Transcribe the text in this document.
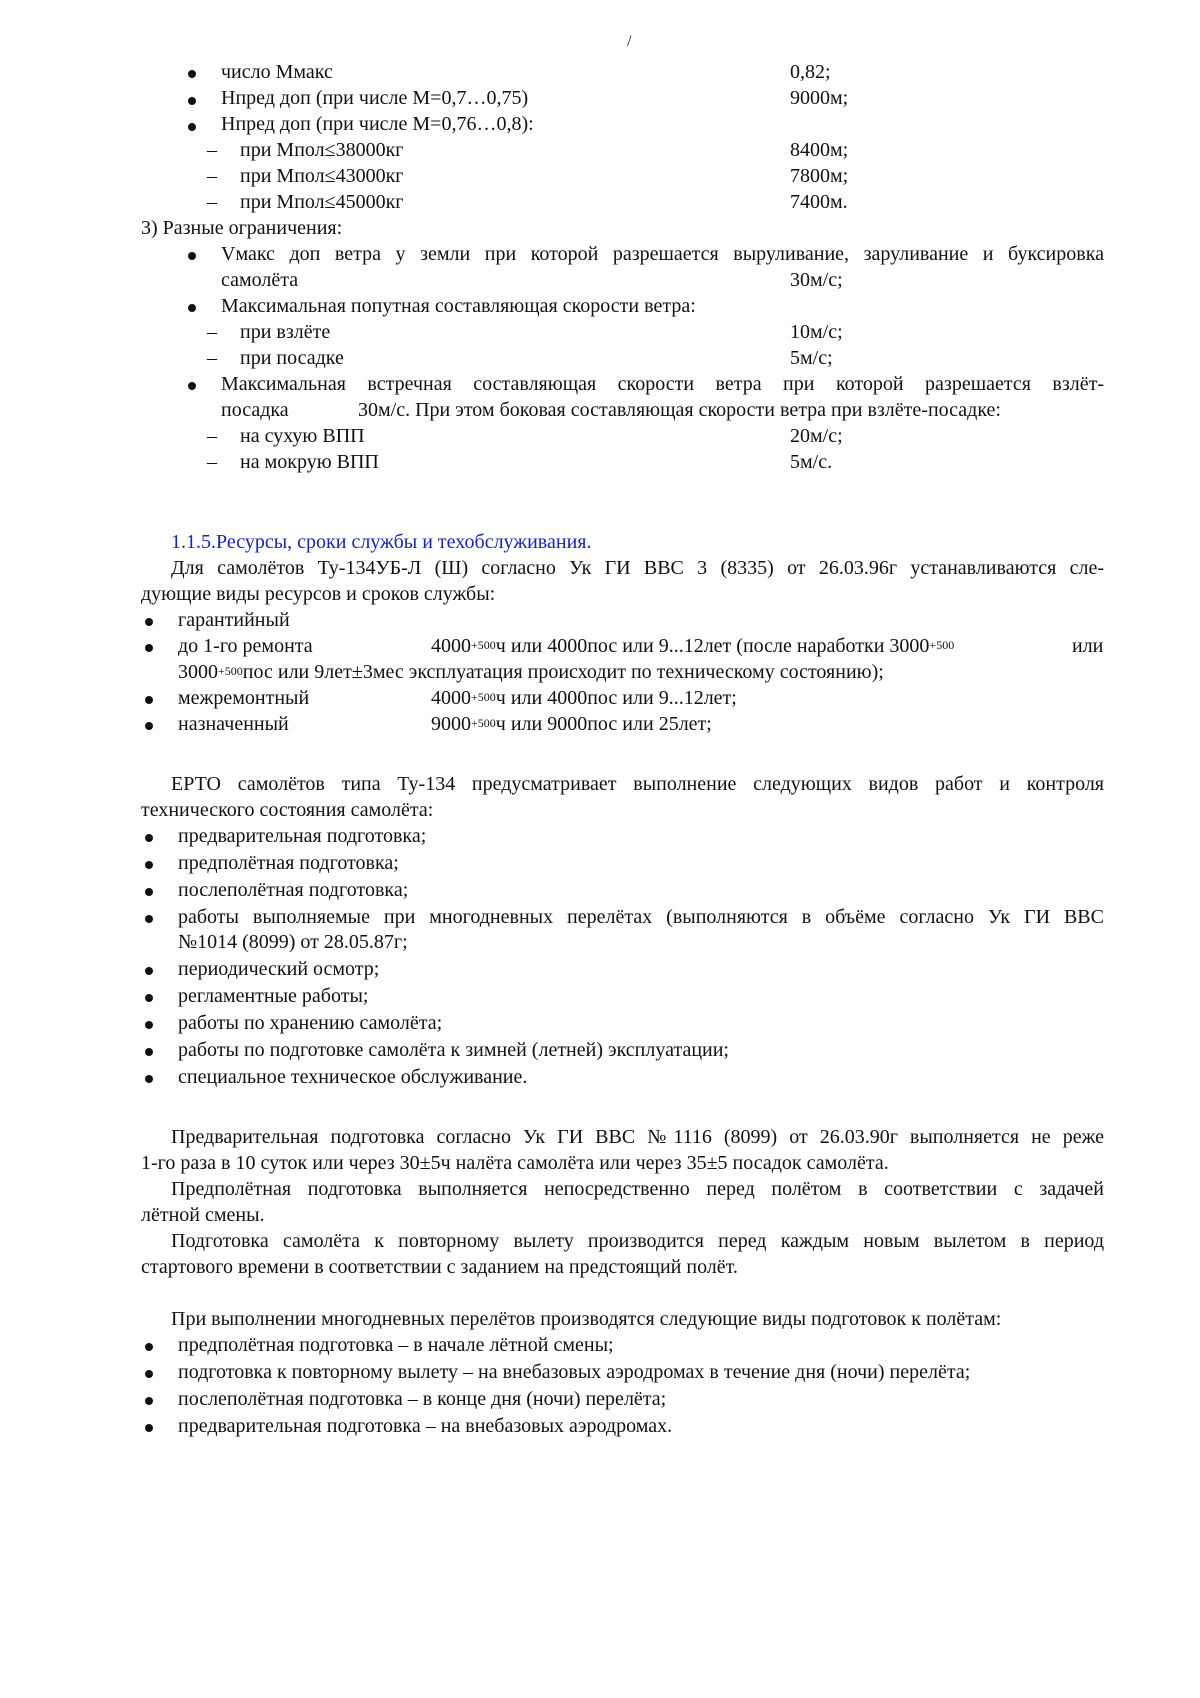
/
число Ммакс	0,82;
Нпред доп (при числе М=0,7…0,75)	9000м;
Нпред доп (при числе М=0,76…0,8):
– при Мпол≤38000кг	8400м;
– при Мпол≤43000кг	7800м;
– при Мпол≤45000кг	7400м.
3) Разные ограничения:
Vмакс доп ветра у земли при которой разрешается выруливание, заруливание и буксировка
самолёта	30м/с;
Максимальная попутная составляющая скорости ветра:
– при взлёте	10м/с;
– при посадке	5м/с;
Максимальная встречная составляющая скорости ветра при которой разрешается взлёт-
посадка	30м/с. При этом боковая составляющая скорости ветра при взлёте-посадке:
– на сухую ВПП	20м/с;
– на мокрую ВПП	5м/с.
1.1.5.Ресурсы, сроки службы и техобслуживания.
Для самолётов Ту-134УБ-Л (Ш) согласно Ук ГИ ВВС 3 (8335) от 26.03.96г устанавливаются сле-
дующие виды ресурсов и сроков службы:
гарантийный
до 1-го ремонта	$4000^{+500}ч$ или 4000пос или 9...12лет (после наработки $3000^{+500}$	или
$3000^{+500}пос$ или 9лет±3мес эксплуатация происходит по техническому состоянию);
межремонтный	$4000^{+500}ч$ или 4000пос или 9...12лет;
назначенный	$9000^{+500}ч$ или 9000пос или 25лет;
ЕРТО самолётов типа Ту-134 предусматривает выполнение следующих видов работ и контроля
технического состояния самолёта:
предварительная подготовка;
предполётная подготовка;
послеполётная подготовка;
работы выполняемые при многодневных перелётах (выполняются в объёме согласно Ук ГИ ВВС
№1014 (8099) от 28.05.87г;
периодический осмотр;
регламентные работы;
работы по хранению самолёта;
работы по подготовке самолёта к зимней (летней) эксплуатации;
специальное техническое обслуживание.
Предварительная подготовка согласно Ук ГИ ВВС №1116 (8099) от 26.03.90г выполняется не реже
1-го раза в 10 суток или через 30±5ч налёта самолёта или через 35±5 посадок самолёта.
Предполётная подготовка выполняется непосредственно перед полётом в соответствии с задачей
лётной смены.
Подготовка самолёта к повторному вылету производится перед каждым новым вылетом в период
стартового времени в соответствии с заданием на предстоящий полёт.
При выполнении многодневных перелётов производятся следующие виды подготовок к полётам:
предполётная подготовка – в начале лётной смены;
подготовка к повторному вылету – на внебазовых аэродромах в течение дня (ночи) перелёта;
послеполётная подготовка – в конце дня (ночи) перелёта;
предварительная подготовка – на внебазовых аэродромах.
